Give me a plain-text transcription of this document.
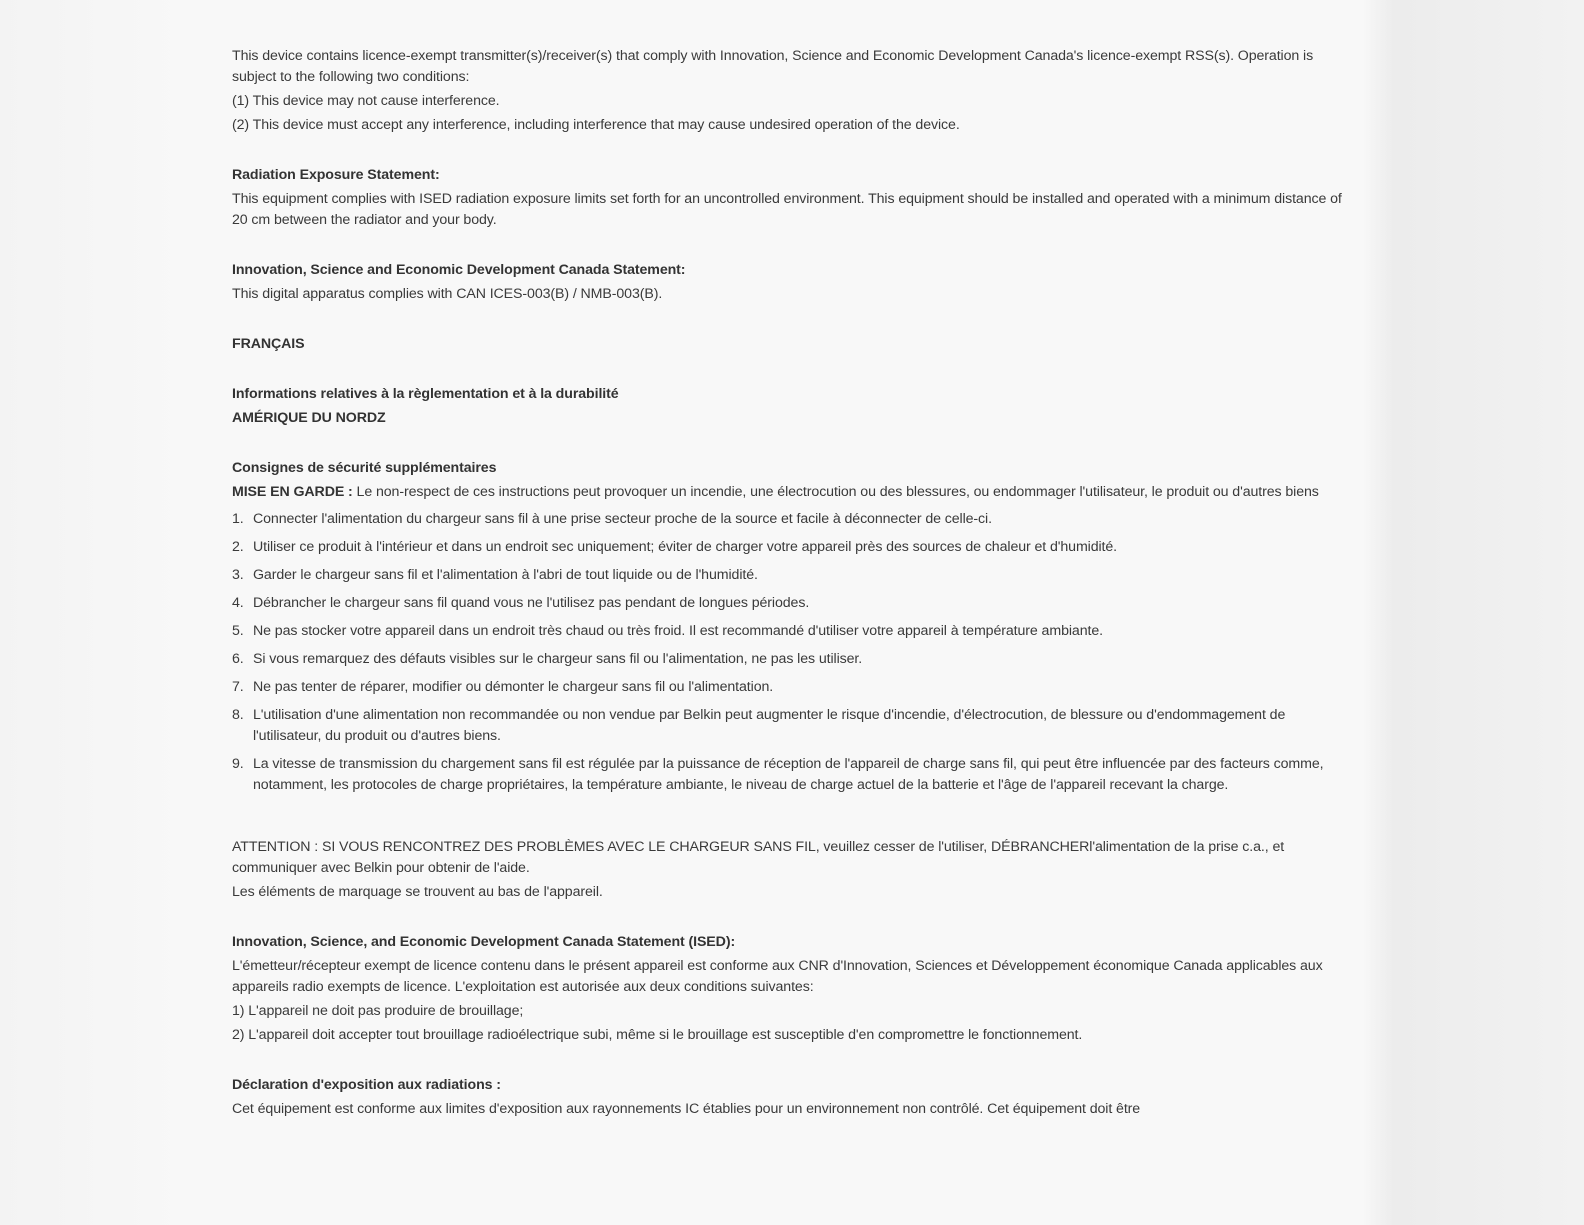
This device contains licence-exempt transmitter(s)/receiver(s) that comply with Innovation, Science and Economic Development Canada's licence-exempt RSS(s). Operation is subject to the following two conditions:

(1) This device may not cause interference.

(2) This device must accept any interference, including interference that may cause undesired operation of the device.

Radiation Exposure Statement:

This equipment complies with ISED radiation exposure limits set forth for an uncontrolled environment. This equipment should be installed and operated with a minimum distance of 20 cm between the radiator and your body.

Innovation, Science and Economic Development Canada Statement:

This digital apparatus complies with CAN ICES-003(B) / NMB-003(B).

FRANÇAIS

Informations relatives à la règlementation et à la durabilité

AMÉRIQUE DU NORDZ

Consignes de sécurité supplémentaires

MISE EN GARDE : Le non-respect de ces instructions peut provoquer un incendie, une électrocution ou des blessures, ou endommager l'utilisateur, le produit ou d'autres biens

1. Connecter l'alimentation du chargeur sans fil à une prise secteur proche de la source et facile à déconnecter de celle-ci.
2. Utiliser ce produit à l'intérieur et dans un endroit sec uniquement; éviter de charger votre appareil près des sources de chaleur et d'humidité.
3. Garder le chargeur sans fil et l'alimentation à l'abri de tout liquide ou de l'humidité.
4. Débrancher le chargeur sans fil quand vous ne l'utilisez pas pendant de longues périodes.
5. Ne pas stocker votre appareil dans un endroit très chaud ou très froid. Il est recommandé d'utiliser votre appareil à température ambiante.
6. Si vous remarquez des défauts visibles sur le chargeur sans fil ou l'alimentation, ne pas les utiliser.
7. Ne pas tenter de réparer, modifier ou démonter le chargeur sans fil ou l'alimentation.
8. L'utilisation d'une alimentation non recommandée ou non vendue par Belkin peut augmenter le risque d'incendie, d'électrocution, de blessure ou d'endommagement de l'utilisateur, du produit ou d'autres biens.
9. La vitesse de transmission du chargement sans fil est régulée par la puissance de réception de l'appareil de charge sans fil, qui peut être influencée par des facteurs comme, notamment, les protocoles de charge propriétaires, la température ambiante, le niveau de charge actuel de la batterie et l'âge de l'appareil recevant la charge.

ATTENTION : SI VOUS RENCONTREZ DES PROBLÈMES AVEC LE CHARGEUR SANS FIL, veuillez cesser de l'utiliser, DÉBRANCHERl'alimentation de la prise c.a., et communiquer avec Belkin pour obtenir de l'aide.

Les éléments de marquage se trouvent au bas de l'appareil.

Innovation, Science, and Economic Development Canada Statement (ISED):

L'émetteur/récepteur exempt de licence contenu dans le présent appareil est conforme aux CNR d'Innovation, Sciences et Développement économique Canada applicables aux appareils radio exempts de licence. L'exploitation est autorisée aux deux conditions suivantes:

1) L'appareil ne doit pas produire de brouillage;

2) L'appareil doit accepter tout brouillage radioélectrique subi, même si le brouillage est susceptible d'en compromettre le fonctionnement.

Déclaration d'exposition aux radiations :

Cet équipement est conforme aux limites d'exposition aux rayonnements IC établies pour un environnement non contrôlé. Cet équipement doit être
